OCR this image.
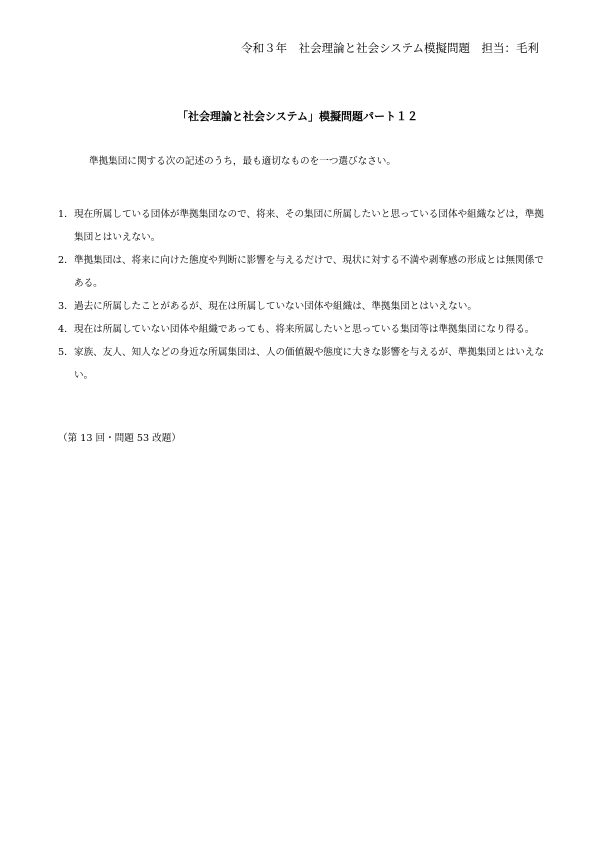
令和３年　社会理論と社会システム模擬問題　担当：毛利
「社会理論と社会システム」模擬問題パート１２
準拠集団に関する次の記述のうち，最も適切なものを一つ選びなさい。
1． 現在所属している団体が準拠集団なので、将来、その集団に所属したいと思っている団体や組織などは，準拠集団とはいえない。
2． 準拠集団は、将来に向けた態度や判断に影響を与えるだけで、現状に対する不満や剥奪感の形成とは無関係である。
3． 過去に所属したことがあるが、現在は所属していない団体や組織は、準拠集団とはいえない。
4． 現在は所属していない団体や組織であっても、将来所属したいと思っている集団等は準拠集団になり得る。
5． 家族、友人、知人などの身近な所属集団は、人の価値観や態度に大きな影響を与えるが、準拠集団とはいえない。
（第 13 回・問題 53 改題）
